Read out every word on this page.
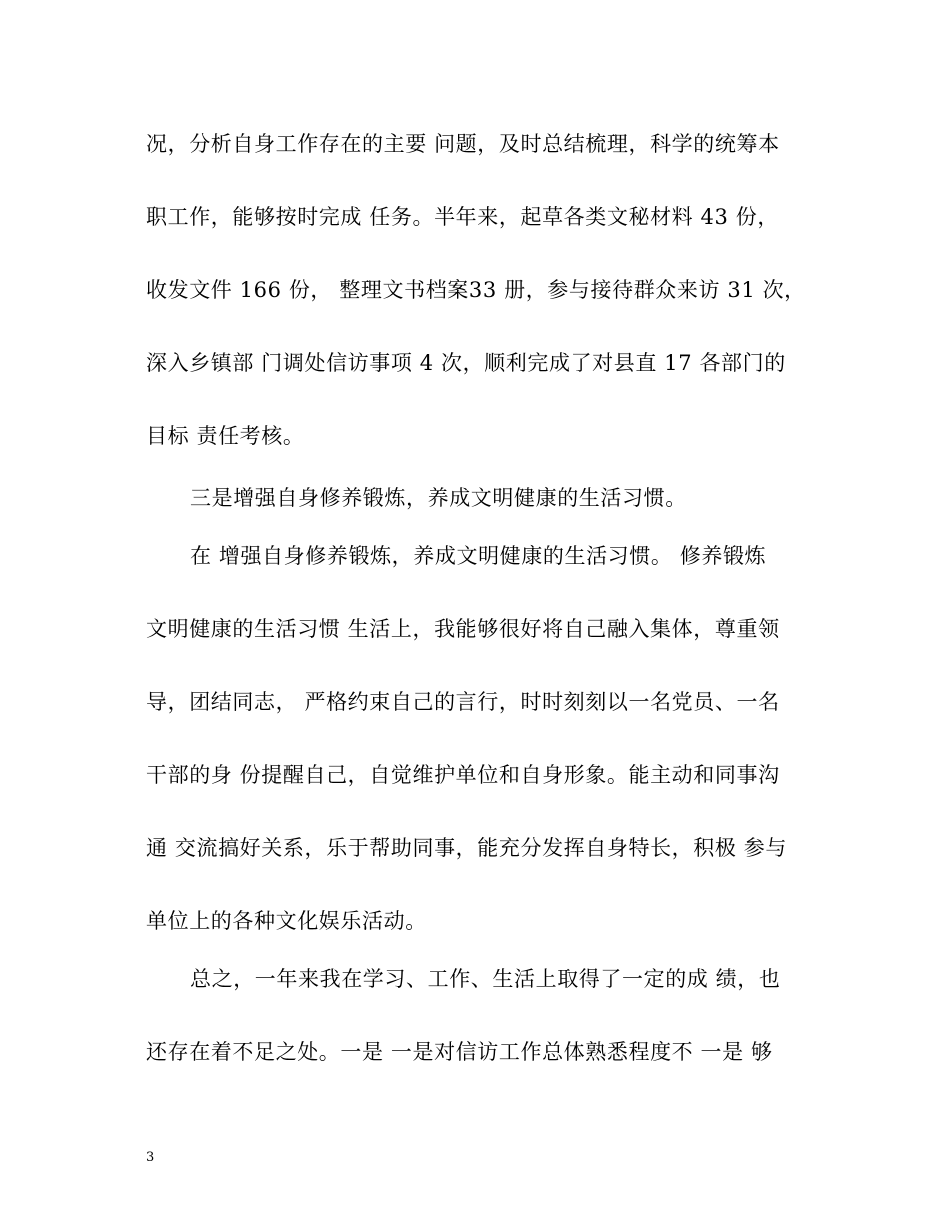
况，分析自身工作存在的主要 问题，及时总结梳理，科学的统筹本
职工作，能够按时完成 任务。半年来，起草各类文秘材料 43 份，
收发文件 166 份， 整理文书档案33 册，参与接待群众来访 31 次，
深入乡镇部 门调处信访事项 4 次，顺利完成了对县直 17 各部门的
目标 责任考核。
三是增强自身修养锻炼，养成文明健康的生活习惯。
在 增强自身修养锻炼，养成文明健康的生活习惯。 修养锻炼
文明健康的生活习惯 生活上，我能够很好将自己融入集体，尊重领
导，团结同志， 严格约束自己的言行，时时刻刻以一名党员、一名
干部的身 份提醒自己，自觉维护单位和自身形象。能主动和同事沟
通 交流搞好关系，乐于帮助同事，能充分发挥自身特长，积极 参与
单位上的各种文化娱乐活动。
总之，一年来我在学习、工作、生活上取得了一定的成 绩，也
还存在着不足之处。一是 一是对信访工作总体熟悉程度不 一是 够
3
